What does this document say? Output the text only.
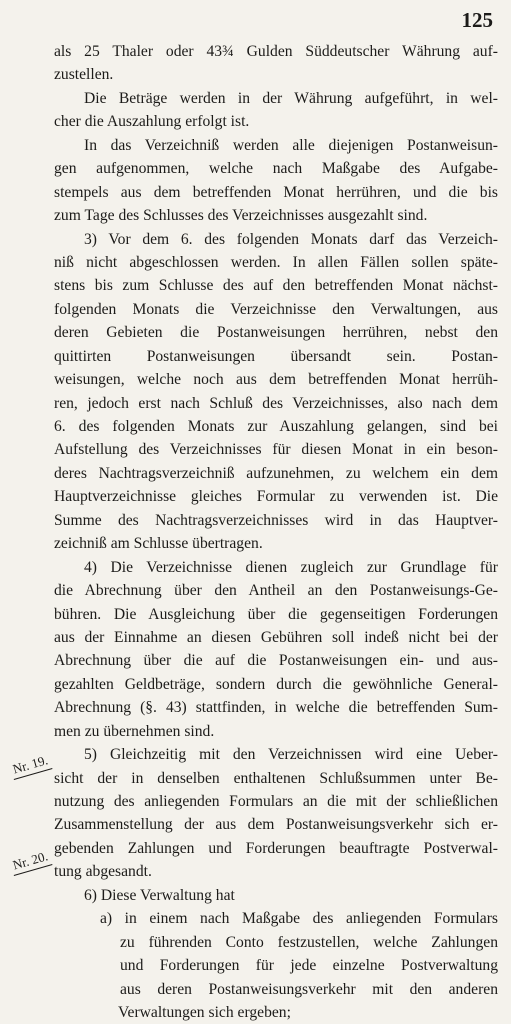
125
als 25 Thaler oder 43¾ Gulden Süddeutscher Währung auf-
zustellen.
Die Beträge werden in der Währung aufgeführt, in wel-
cher die Auszahlung erfolgt ist.
In das Verzeichniß werden alle diejenigen Postanweisun-
gen aufgenommen, welche nach Maßgabe des Aufgabe-
stempels aus dem betreffenden Monat herrühren, und die bis
zum Tage des Schlusses des Verzeichnisses ausgezahlt sind.
3) Vor dem 6. des folgenden Monats darf das Verzeich-
niß nicht abgeschlossen werden. In allen Fällen sollen späte-
stens bis zum Schlusse des auf den betreffenden Monat nächst-
folgenden Monats die Verzeichnisse den Verwaltungen, aus
deren Gebieten die Postanweisungen herrühren, nebst den
quittirten Postanweisungen übersandt sein. Postan-
weisungen, welche noch aus dem betreffenden Monat herrüh-
ren, jedoch erst nach Schluß des Verzeichnisses, also nach dem
6. des folgenden Monats zur Auszahlung gelangen, sind bei
Aufstellung des Verzeichnisses für diesen Monat in ein beson-
deres Nachtragsverzeichniß aufzunehmen, zu welchem ein dem
Hauptverzeichnisse gleiches Formular zu verwenden ist. Die
Summe des Nachtragsverzeichnisses wird in das Hauptver-
zeichniß am Schlusse übertragen.
4) Die Verzeichnisse dienen zugleich zur Grundlage für
die Abrechnung über den Antheil an den Postanweisungs-Ge-
bühren. Die Ausgleichung über die gegenseitigen Forderungen
aus der Einnahme an diesen Gebühren soll indeß nicht bei der
Abrechnung über die auf die Postanweisungen ein- und aus-
gezahlten Geldbeträge, sondern durch die gewöhnliche General-
Abrechnung (§. 43) stattfinden, in welche die betreffenden Sum-
men zu übernehmen sind.
5) Gleichzeitig mit den Verzeichnissen wird eine Ueber-
sicht der in denselben enthaltenen Schlußsummen unter Be-
nutzung des anliegenden Formulars an die mit der schließlichen
Zusammenstellung der aus dem Postanweisungsverkehr sich er-
gebenden Zahlungen und Forderungen beauftragte Postverwal-
tung abgesandt.
6) Diese Verwaltung hat
a) in einem nach Maßgabe des anliegenden Formulars
zu führenden Conto festzustellen, welche Zahlungen
und Forderungen für jede einzelne Postverwaltung
aus deren Postanweisungsverkehr mit den anderen
Verwaltungen sich ergeben;
Nr. 19.
Nr. 20.
